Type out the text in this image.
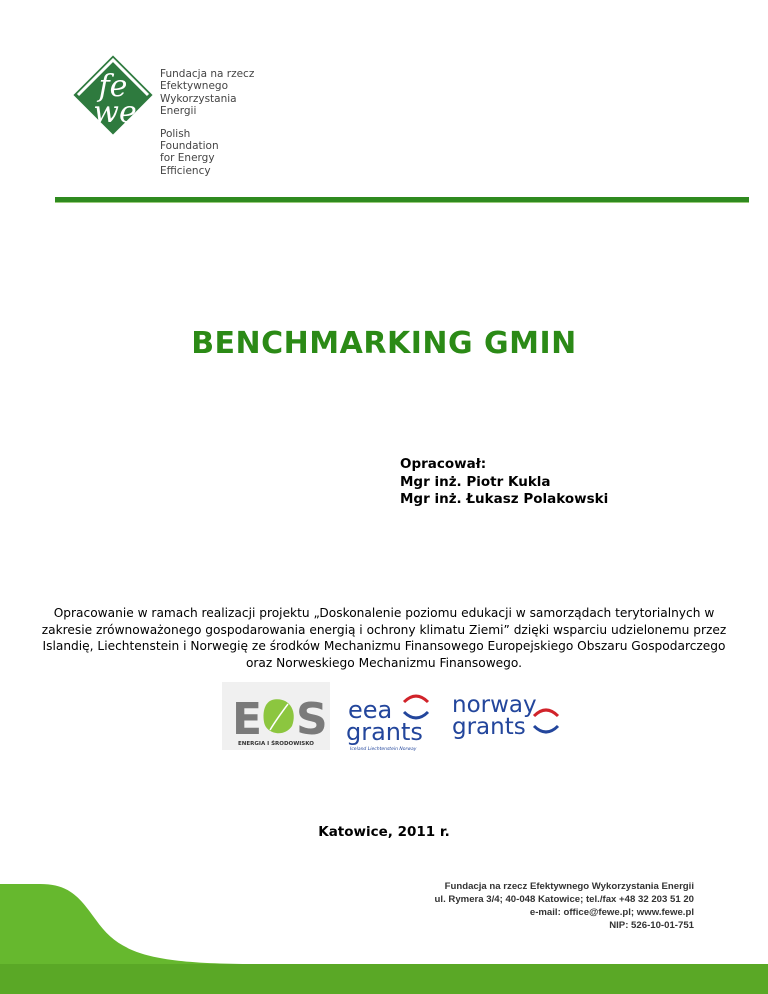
fe
we
Fundacja na rzecz
Efektywnego
Wykorzystania
Energii
Polish
Foundation
for Energy
Efficiency
BENCHMARKING GMIN
Opracował:
Mgr inż. Piotr Kukla
Mgr inż. Łukasz Polakowski
Opracowanie w ramach realizacji projektu „Doskonalenie poziomu edukacji w samorządach terytorialnych w zakresie zrównoważonego gospodarowania energią i ochrony klimatu Ziemi” dzięki wsparciu udzielonemu przez Islandię, Liechtenstein i Norwegię ze środków Mechanizmu Finansowego Europejskiego Obszaru Gospodarczego oraz Norweskiego Mechanizmu Finansowego.
E S
ENERGIA I ŚRODOWISKO
eea
grants
Iceland Liechtenstein Norway
norway
grants
Katowice, 2011 r.
Fundacja na rzecz Efektywnego Wykorzystania Energii
ul. Rymera 3/4; 40-048 Katowice; tel./fax +48 32 203 51 20
e-mail: office@fewe.pl; www.fewe.pl
NIP: 526-10-01-751
